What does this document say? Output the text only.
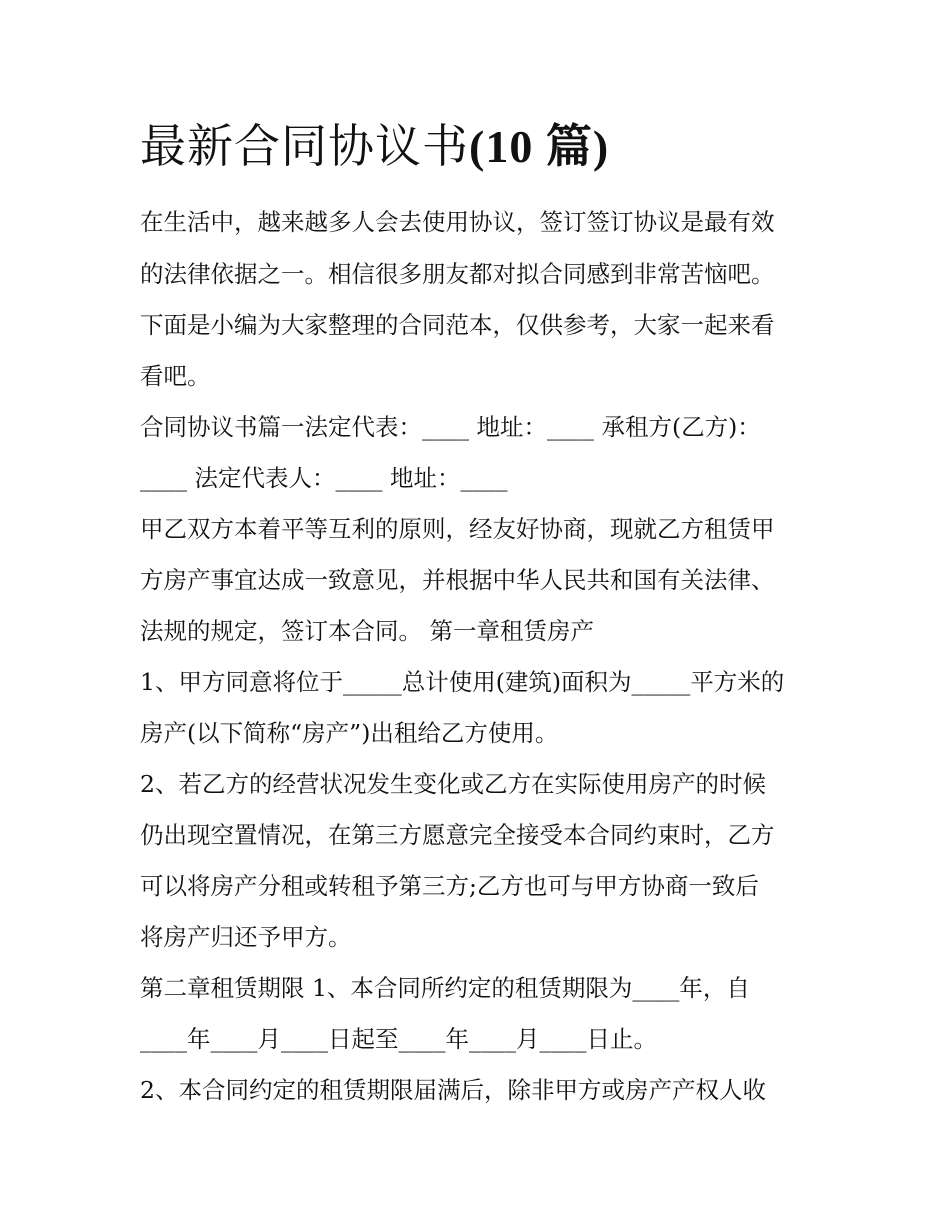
最新合同协议书(10 篇)

在生活中，越来越多人会去使用协议，签订签订协议是最有效

的法律依据之一。相信很多朋友都对拟合同感到非常苦恼吧。

下面是小编为大家整理的合同范本，仅供参考，大家一起来看

看吧。

合同协议书篇一法定代表：____ 地址：____ 承租方(乙方)：

____ 法定代表人：____ 地址：____

甲乙双方本着平等互利的原则，经友好协商，现就乙方租赁甲

方房产事宜达成一致意见，并根据中华人民共和国有关法律、

法规的规定，签订本合同。 第一章租赁房产

1、甲方同意将位于_____总计使用(建筑)面积为_____平方米的

房产(以下简称“房产”)出租给乙方使用。

2、若乙方的经营状况发生变化或乙方在实际使用房产的时候

仍出现空置情况，在第三方愿意完全接受本合同约束时，乙方

可以将房产分租或转租予第三方;乙方也可与甲方协商一致后

将房产归还予甲方。

第二章租赁期限 1、本合同所约定的租赁期限为____年，自

____年____月____日起至____年____月____日止。

2、本合同约定的租赁期限届满后，除非甲方或房产产权人收
